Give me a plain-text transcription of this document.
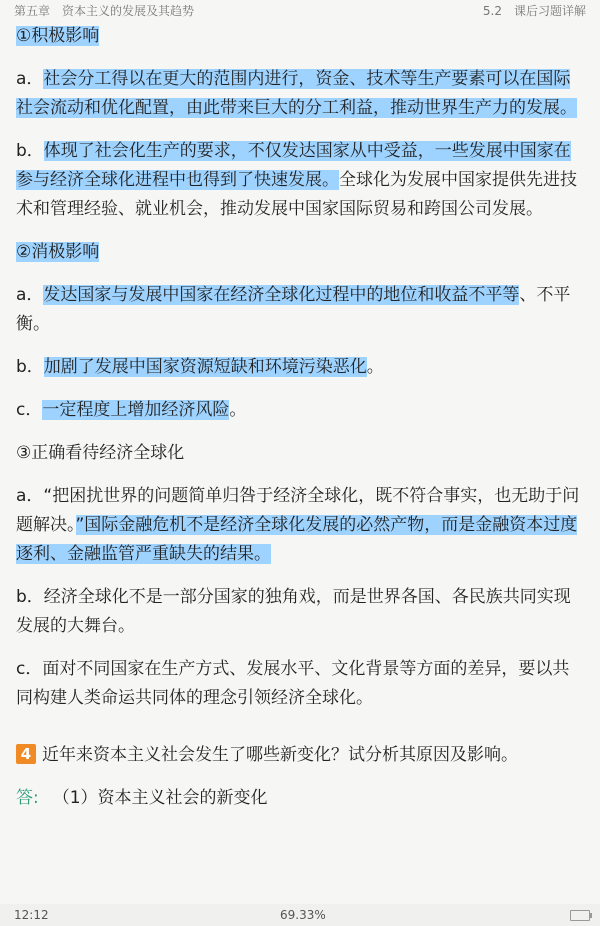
第五章　资本主义的发展及其趋势	5.2　课后习题详解
①积极影响
a．社会分工得以在更大的范围内进行，资金、技术等生产要素可以在国际社会流动和优化配置，由此带来巨大的分工利益，推动世界生产力的发展。
b．体现了社会化生产的要求，不仅发达国家从中受益，一些发展中国家在参与经济全球化进程中也得到了快速发展。全球化为发展中国家提供先进技术和管理经验、就业机会，推动发展中国家国际贸易和跨国公司发展。
②消极影响
a．发达国家与发展中国家在经济全球化过程中的地位和收益不平等、不平衡。
b．加剧了发展中国家资源短缺和环境污染恶化。
c．一定程度上增加经济风险。
③正确看待经济全球化
a．“把困扰世界的问题简单归咎于经济全球化，既不符合事实，也无助于问题解决。”国际金融危机不是经济全球化发展的必然产物，而是金融资本过度逐利、金融监管严重缺失的结果。
b．经济全球化不是一部分国家的独角戏，而是世界各国、各民族共同实现发展的大舞台。
c．面对不同国家在生产方式、发展水平、文化背景等方面的差异，要以共同构建人类命运共同体的理念引领经济全球化。
4 近年来资本主义社会发生了哪些新变化？试分析其原因及影响。
答: （1）资本主义社会的新变化
12:12	69.33%
